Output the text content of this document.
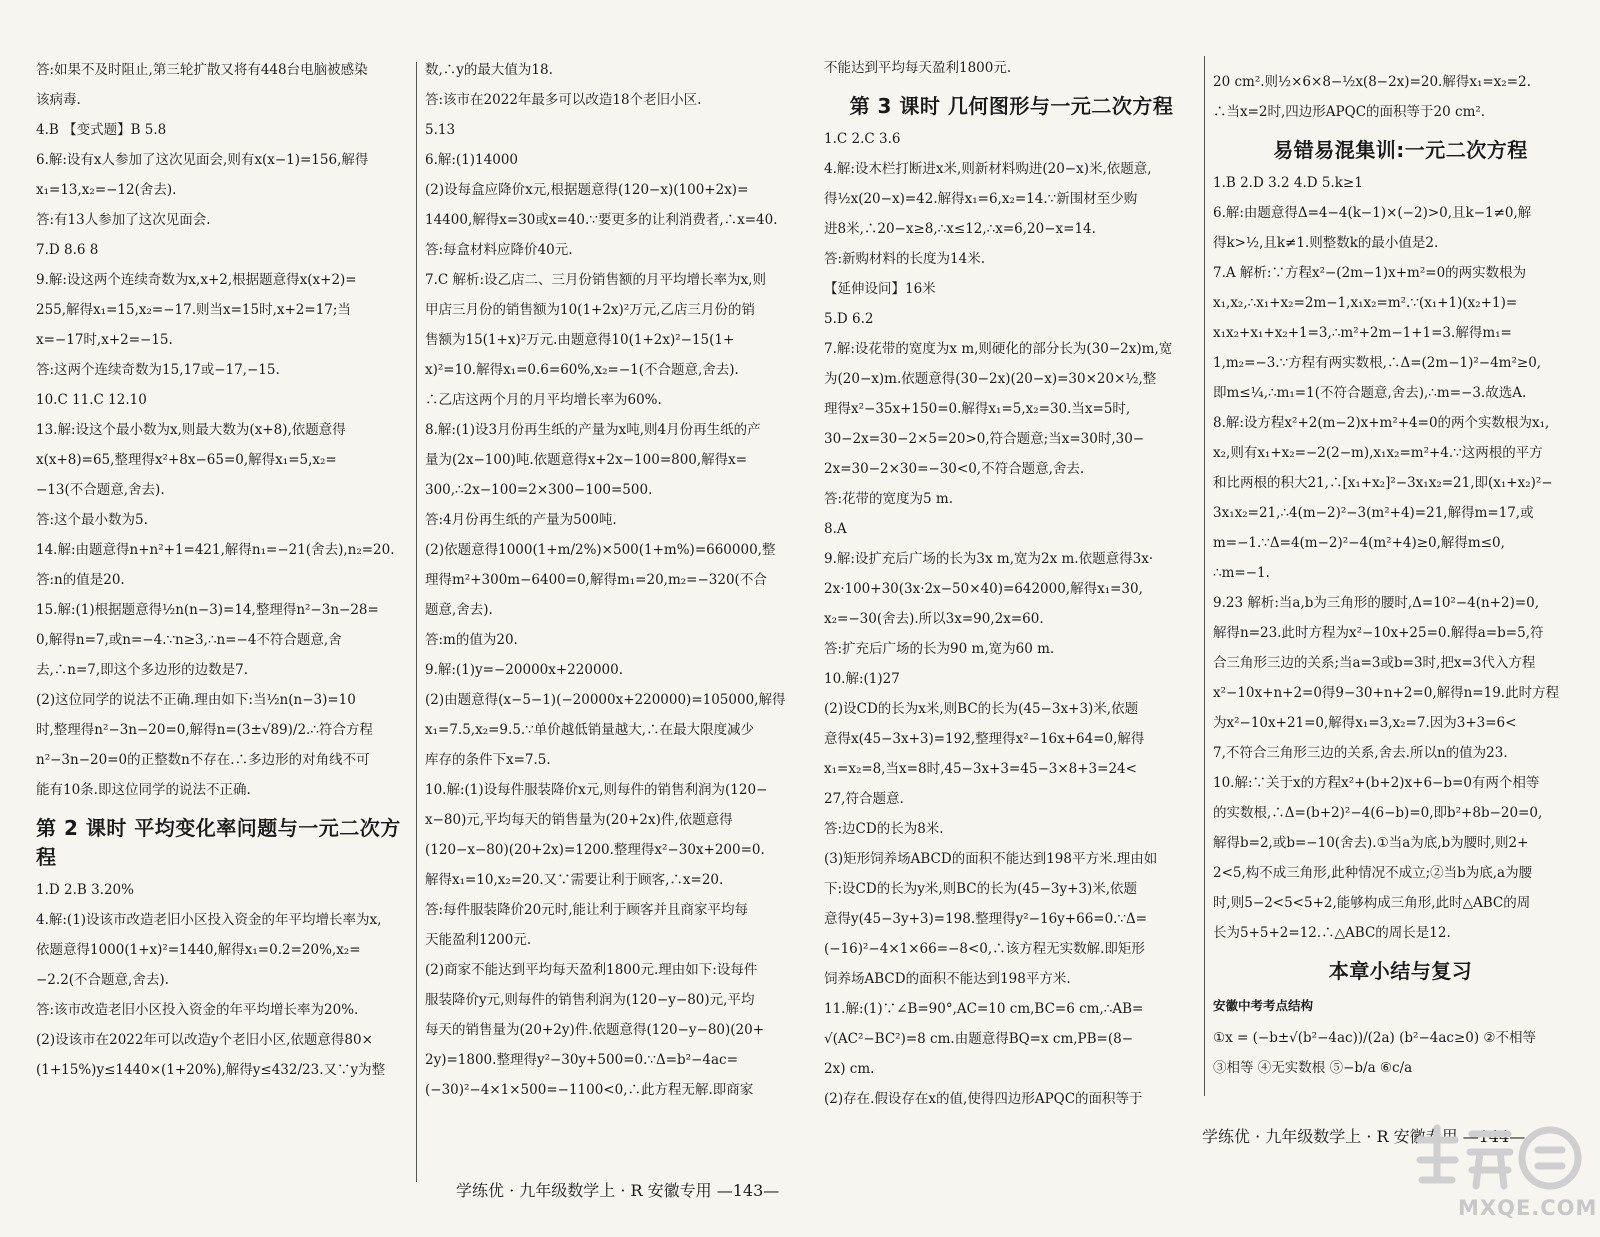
答:如果不及时阻止,第三轮扩散又将有448台电脑被感染
该病毒.
4.B 【变式题】B 5.8
6.解:设有x人参加了这次见面会,则有x(x−1)=156,解得
x₁=13,x₂=−12(舍去).
答:有13人参加了这次见面会.
7.D 8.6 8
9.解:设这两个连续奇数为x,x+2,根据题意得x(x+2)=
255,解得x₁=15,x₂=−17.则当x=15时,x+2=17;当
x=−17时,x+2=−15.
答:这两个连续奇数为15,17或−17,−15.
10.C 11.C 12.10
13.解:设这个最小数为x,则最大数为(x+8),依题意得
x(x+8)=65,整理得x²+8x−65=0,解得x₁=5,x₂=
−13(不合题意,舍去).
答:这个最小数为5.
14.解:由题意得n+n²+1=421,解得n₁=−21(舍去),n₂=20.
答:n的值是20.
15.解:(1)根据题意得½n(n−3)=14,整理得n²−3n−28=
0,解得n=7,或n=−4.∵n≥3,∴n=−4不符合题意,舍
去,∴n=7,即这个多边形的边数是7.
(2)这位同学的说法不正确.理由如下:当½n(n−3)=10
时,整理得n²−3n−20=0,解得n=(3±√89)/2.∴符合方程
n²−3n−20=0的正整数n不存在.∴多边形的对角线不可
能有10条.即这位同学的说法不正确.
第 2 课时 平均变化率问题与一元二次方程
1.D 2.B 3.20%
4.解:(1)设该市改造老旧小区投入资金的年平均增长率为x,
依题意得1000(1+x)²=1440,解得x₁=0.2=20%,x₂=
−2.2(不合题意,舍去).
答:该市改造老旧小区投入资金的年平均增长率为20%.
(2)设该市在2022年可以改造y个老旧小区,依题意得80×
(1+15%)y≤1440×(1+20%),解得y≤432/23.又∵y为整
数,∴y的最大值为18.
答:该市在2022年最多可以改造18个老旧小区.
5.13
6.解:(1)14000
(2)设每盒应降价x元,根据题意得(120−x)(100+2x)=
14400,解得x=30或x=40.∵要更多的让利消费者,∴x=40.
答:每盒材料应降价40元.
7.C 解析:设乙店二、三月份销售额的月平均增长率为x,则
甲店三月份的销售额为10(1+2x)²万元,乙店三月份的销
售额为15(1+x)²万元.由题意得10(1+2x)²−15(1+
x)²=10.解得x₁=0.6=60%,x₂=−1(不合题意,舍去).
∴乙店这两个月的月平均增长率为60%.
8.解:(1)设3月份再生纸的产量为x吨,则4月份再生纸的产
量为(2x−100)吨.依题意得x+2x−100=800,解得x=
300,∴2x−100=2×300−100=500.
答:4月份再生纸的产量为500吨.
(2)依题意得1000(1+m/2%)×500(1+m%)=660000,整
理得m²+300m−6400=0,解得m₁=20,m₂=−320(不合
题意,舍去).
答:m的值为20.
9.解:(1)y=−20000x+220000.
(2)由题意得(x−5−1)(−20000x+220000)=105000,解得
x₁=7.5,x₂=9.5.∵单价越低销量越大,∴在最大限度减少
库存的条件下x=7.5.
10.解:(1)设每件服装降价x元,则每件的销售利润为(120−
x−80)元,平均每天的销售量为(20+2x)件,依题意得
(120−x−80)(20+2x)=1200.整理得x²−30x+200=0.
解得x₁=10,x₂=20.又∵需要让利于顾客,∴x=20.
答:每件服装降价20元时,能让利于顾客并且商家平均每
天能盈利1200元.
(2)商家不能达到平均每天盈利1800元.理由如下:设每件
服装降价y元,则每件的销售利润为(120−y−80)元,平均
每天的销售量为(20+2y)件.依题意得(120−y−80)(20+
2y)=1800.整理得y²−30y+500=0.∵Δ=b²−4ac=
(−30)²−4×1×500=−1100<0,∴此方程无解.即商家
学练优 · 九年级数学上 · R 安徽专用 —143—
不能达到平均每天盈利1800元.
第 3 课时 几何图形与一元二次方程
1.C 2.C 3.6
4.解:设木栏打断进x米,则新材料购进(20−x)米,依题意,
得½x(20−x)=42.解得x₁=6,x₂=14.∵新围材至少购
进8米,∴20−x≥8,∴x≤12,∴x=6,20−x=14.
答:新购材料的长度为14米.
【延伸设问】16米
5.D 6.2
7.解:设花带的宽度为x m,则硬化的部分长为(30−2x)m,宽
为(20−x)m.依题意得(30−2x)(20−x)=30×20×½,整
理得x²−35x+150=0.解得x₁=5,x₂=30.当x=5时,
30−2x=30−2×5=20>0,符合题意;当x=30时,30−
2x=30−2×30=−30<0,不符合题意,舍去.
答:花带的宽度为5 m.
8.A
9.解:设扩充后广场的长为3x m,宽为2x m.依题意得3x·
2x·100+30(3x·2x−50×40)=642000,解得x₁=30,
x₂=−30(舍去).所以3x=90,2x=60.
答:扩充后广场的长为90 m,宽为60 m.
10.解:(1)27
(2)设CD的长为x米,则BC的长为(45−3x+3)米,依题
意得x(45−3x+3)=192,整理得x²−16x+64=0,解得
x₁=x₂=8,当x=8时,45−3x+3=45−3×8+3=24<
27,符合题意.
答:边CD的长为8米.
(3)矩形饲养场ABCD的面积不能达到198平方米.理由如
下:设CD的长为y米,则BC的长为(45−3y+3)米,依题
意得y(45−3y+3)=198.整理得y²−16y+66=0.∵Δ=
(−16)²−4×1×66=−8<0,∴该方程无实数解.即矩形
饲养场ABCD的面积不能达到198平方米.
11.解:(1)∵∠B=90°,AC=10 cm,BC=6 cm,∴AB=
√(AC²−BC²)=8 cm.由题意得BQ=x cm,PB=(8−
2x) cm.
(2)存在.假设存在x的值,使得四边形APQC的面积等于
20 cm².则½×6×8−½x(8−2x)=20.解得x₁=x₂=2.
∴当x=2时,四边形APQC的面积等于20 cm².
易错易混集训:一元二次方程
1.B 2.D 3.2 4.D 5.k≥1
6.解:由题意得Δ=4−4(k−1)×(−2)>0,且k−1≠0,解
得k>½,且k≠1.则整数k的最小值是2.
7.A 解析:∵方程x²−(2m−1)x+m²=0的两实数根为
x₁,x₂,∴x₁+x₂=2m−1,x₁x₂=m².∵(x₁+1)(x₂+1)=
x₁x₂+x₁+x₂+1=3,∴m²+2m−1+1=3.解得m₁=
1,m₂=−3.∵方程有两实数根,∴Δ=(2m−1)²−4m²≥0,
即m≤¼,∴m₁=1(不符合题意,舍去),∴m=−3.故选A.
8.解:设方程x²+2(m−2)x+m²+4=0的两个实数根为x₁,
x₂,则有x₁+x₂=−2(2−m),x₁x₂=m²+4.∵这两根的平方
和比两根的积大21,∴[x₁+x₂]²−3x₁x₂=21,即(x₁+x₂)²−
3x₁x₂=21,∴4(m−2)²−3(m²+4)=21,解得m=17,或
m=−1.∵Δ=4(m−2)²−4(m²+4)≥0,解得m≤0,
∴m=−1.
9.23 解析:当a,b为三角形的腰时,Δ=10²−4(n+2)=0,
解得n=23.此时方程为x²−10x+25=0.解得a=b=5,符
合三角形三边的关系;当a=3或b=3时,把x=3代入方程
x²−10x+n+2=0得9−30+n+2=0,解得n=19.此时方程
为x²−10x+21=0,解得x₁=3,x₂=7.因为3+3=6<
7,不符合三角形三边的关系,舍去.所以n的值为23.
10.解:∵关于x的方程x²+(b+2)x+6−b=0有两个相等
的实数根,∴Δ=(b+2)²−4(6−b)=0,即b²+8b−20=0,
解得b=2,或b=−10(舍去).①当a为底,b为腰时,则2+
2<5,构不成三角形,此种情况不成立;②当b为底,a为腰
时,则5−2<5<5+2,能够构成三角形,此时△ABC的周
长为5+5+2=12.∴△ABC的周长是12.
本章小结与复习
安徽中考考点结构
①x = (−b±√(b²−4ac))/(2a) (b²−4ac≥0) ②不相等
③相等 ④无实数根 ⑤−b/a ⑥c/a
学练优 · 九年级数学上 · R 安徽专用 —144—
MXQE.COM
